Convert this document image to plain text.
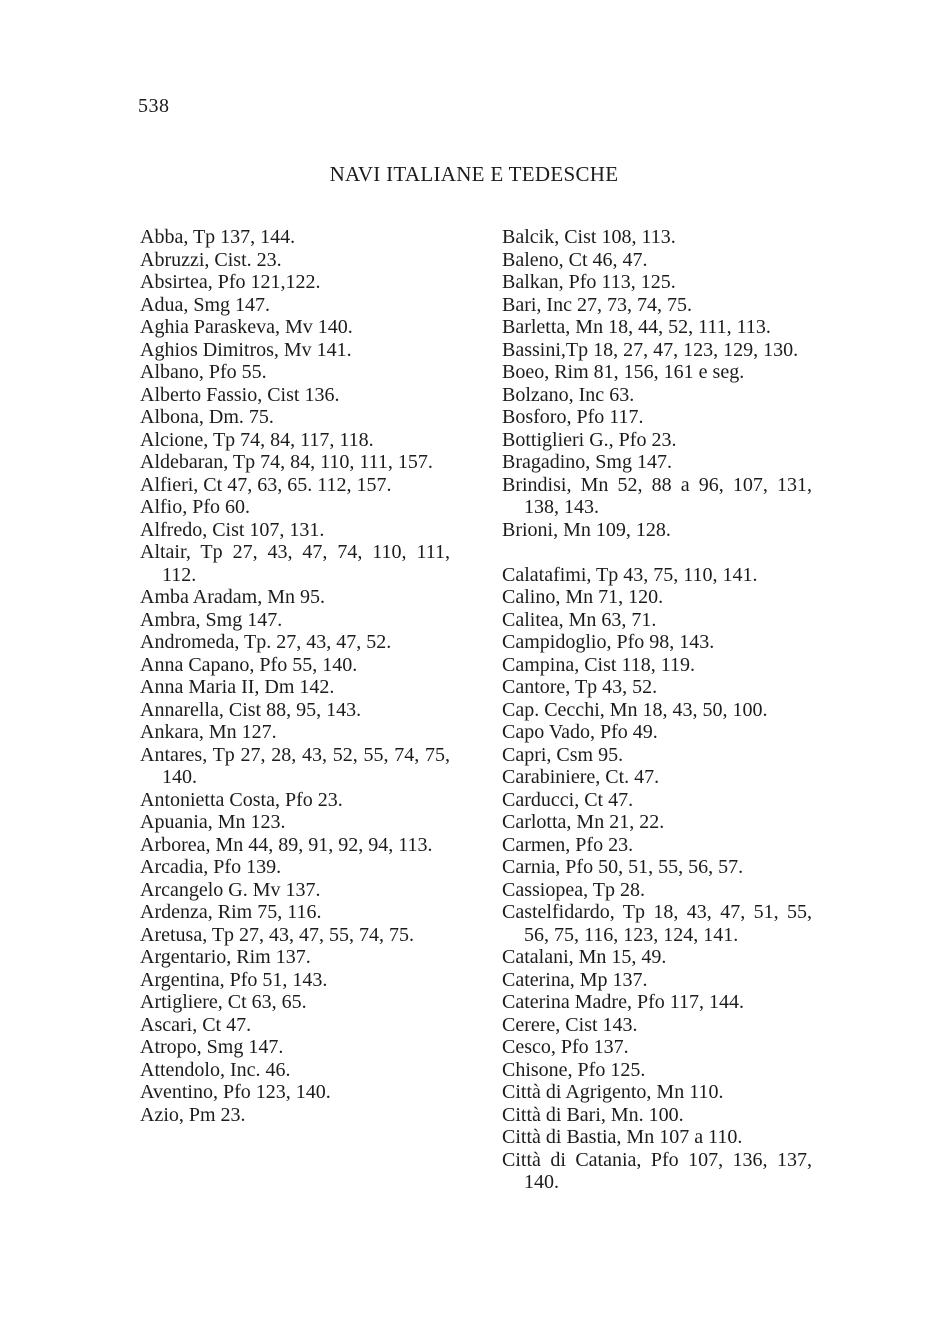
538
NAVI ITALIANE E TEDESCHE
Abba, Tp 137, 144.
Abruzzi, Cist. 23.
Absirtea, Pfo 121,122.
Adua, Smg 147.
Aghia Paraskeva, Mv 140.
Aghios Dimitros, Mv 141.
Albano, Pfo 55.
Alberto Fassio, Cist 136.
Albona, Dm. 75.
Alcione, Tp 74, 84, 117, 118.
Aldebaran, Tp 74, 84, 110, 111, 157.
Alfieri, Ct 47, 63, 65. 112, 157.
Alfio, Pfo 60.
Alfredo, Cist 107, 131.
Altair, Tp 27, 43, 47, 74, 110, 111, 112.
Amba Aradam, Mn 95.
Ambra, Smg 147.
Andromeda, Tp. 27, 43, 47, 52.
Anna Capano, Pfo 55, 140.
Anna Maria II, Dm 142.
Annarella, Cist 88, 95, 143.
Ankara, Mn 127.
Antares, Tp 27, 28, 43, 52, 55, 74, 75, 140.
Antonietta Costa, Pfo 23.
Apuania, Mn 123.
Arborea, Mn 44, 89, 91, 92, 94, 113.
Arcadia, Pfo 139.
Arcangelo G. Mv 137.
Ardenza, Rim 75, 116.
Aretusa, Tp 27, 43, 47, 55, 74, 75.
Argentario, Rim 137.
Argentina, Pfo 51, 143.
Artigliere, Ct 63, 65.
Ascari, Ct 47.
Atropo, Smg 147.
Attendolo, Inc. 46.
Aventino, Pfo 123, 140.
Azio, Pm 23.
Balcik, Cist 108, 113.
Baleno, Ct 46, 47.
Balkan, Pfo 113, 125.
Bari, Inc 27, 73, 74, 75.
Barletta, Mn 18, 44, 52, 111, 113.
Bassini,Tp 18, 27, 47, 123, 129, 130.
Boeo, Rim 81, 156, 161 e seg.
Bolzano, Inc 63.
Bosforo, Pfo 117.
Bottiglieri G., Pfo 23.
Bragadino, Smg 147.
Brindisi, Mn 52, 88 a 96, 107, 131, 138, 143.
Brioni, Mn 109, 128.
Calatafimi, Tp 43, 75, 110, 141.
Calino, Mn 71, 120.
Calitea, Mn 63, 71.
Campidoglio, Pfo 98, 143.
Campina, Cist 118, 119.
Cantore, Tp 43, 52.
Cap. Cecchi, Mn 18, 43, 50, 100.
Capo Vado, Pfo 49.
Capri, Csm 95.
Carabiniere, Ct. 47.
Carducci, Ct 47.
Carlotta, Mn 21, 22.
Carmen, Pfo 23.
Carnia, Pfo 50, 51, 55, 56, 57.
Cassiopea, Tp 28.
Castelfidardo, Tp 18, 43, 47, 51, 55, 56, 75, 116, 123, 124, 141.
Catalani, Mn 15, 49.
Caterina, Mp 137.
Caterina Madre, Pfo 117, 144.
Cerere, Cist 143.
Cesco, Pfo 137.
Chisone, Pfo 125.
Città di Agrigento, Mn 110.
Città di Bari, Mn. 100.
Città di Bastia, Mn 107 a 110.
Città di Catania, Pfo 107, 136, 137, 140.
